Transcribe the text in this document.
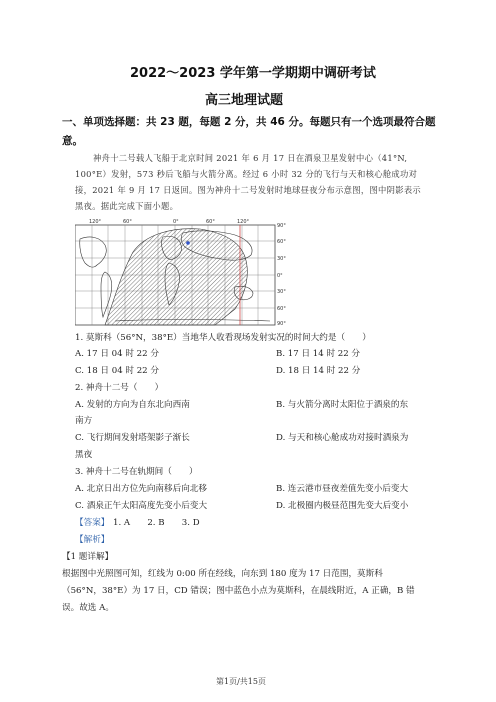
2022～2023 学年第一学期期中调研考试
高三地理试题
一、单项选择题：共 23 题，每题 2 分，共 46 分。每题只有一个选项最符合题
意。
神舟十二号载人飞船于北京时间 2021 年 6 月 17 日在酒泉卫星发射中心（41°N,
100°E）发射，573 秒后飞船与火箭分离。经过 6 小时 32 分的飞行与天和核心舱成功对
接，2021 年 9 月 17 日返回。图为神舟十二号发射时地球昼夜分布示意图，图中阴影表示
黑夜。据此完成下面小题。
120°	60°	0°	60°	120°
90°
60°
30°
0°
30°
60°
90°
1. 莫斯科（56°N，38°E）当地华人收看现场发射实况的时间大约是（　　）
A. 17 日 04 时 22 分	B. 17 日 14 时 22 分
C. 18 日 04 时 22 分	D. 18 日 14 时 22 分
2. 神舟十二号（　　）
A. 发射的方向为自东北向西南	B. 与火箭分离时太阳位于酒泉的东
南方
C. 飞行期间发射塔架影子渐长	D. 与天和核心舱成功对接时酒泉为
黑夜
3. 神舟十二号在轨期间（　　）
A. 北京日出方位先向南移后向北移	B. 连云港市昼夜差值先变小后变大
C. 酒泉正午太阳高度先变小后变大	D. 北极圈内极昼范围先变大后变小
【答案】 1. A　　2. B　　3. D
【解析】
【1 题详解】
根据图中光照图可知，红线为 0:00 所在经线，向东到 180 度为 17 日范围，莫斯科
（56°N，38°E）为 17 日，CD 错误；图中蓝色小点为莫斯科，在晨线附近，A 正确，B 错
误。故选 A。
第1页/共15页
